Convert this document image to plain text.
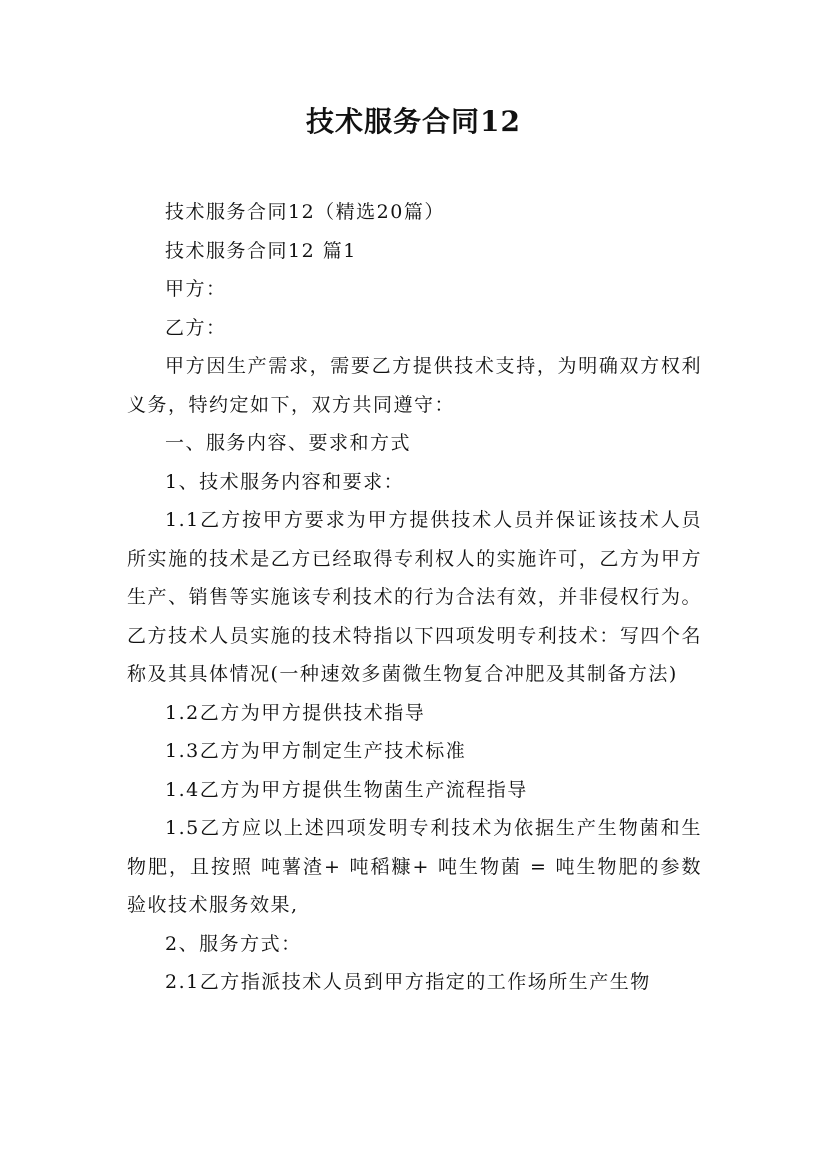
技术服务合同12

技术服务合同12（精选20篇）

技术服务合同12 篇1

甲方：

乙方：

甲方因生产需求，需要乙方提供技术支持，为明确双方权利义务，特约定如下，双方共同遵守：

一、服务内容、要求和方式

1、技术服务内容和要求：

1.1乙方按甲方要求为甲方提供技术人员并保证该技术人员所实施的技术是乙方已经取得专利权人的实施许可，乙方为甲方生产、销售等实施该专利技术的行为合法有效，并非侵权行为。乙方技术人员实施的技术特指以下四项发明专利技术：写四个名称及其具体情况(一种速效多菌微生物复合冲肥及其制备方法)

1.2乙方为甲方提供技术指导

1.3乙方为甲方制定生产技术标准

1.4乙方为甲方提供生物菌生产流程指导

1.5乙方应以上述四项发明专利技术为依据生产生物菌和生物肥，且按照 吨薯渣+ 吨稻糠+ 吨生物菌 = 吨生物肥的参数验收技术服务效果,

2、服务方式：

2.1乙方指派技术人员到甲方指定的工作场所生产生物
